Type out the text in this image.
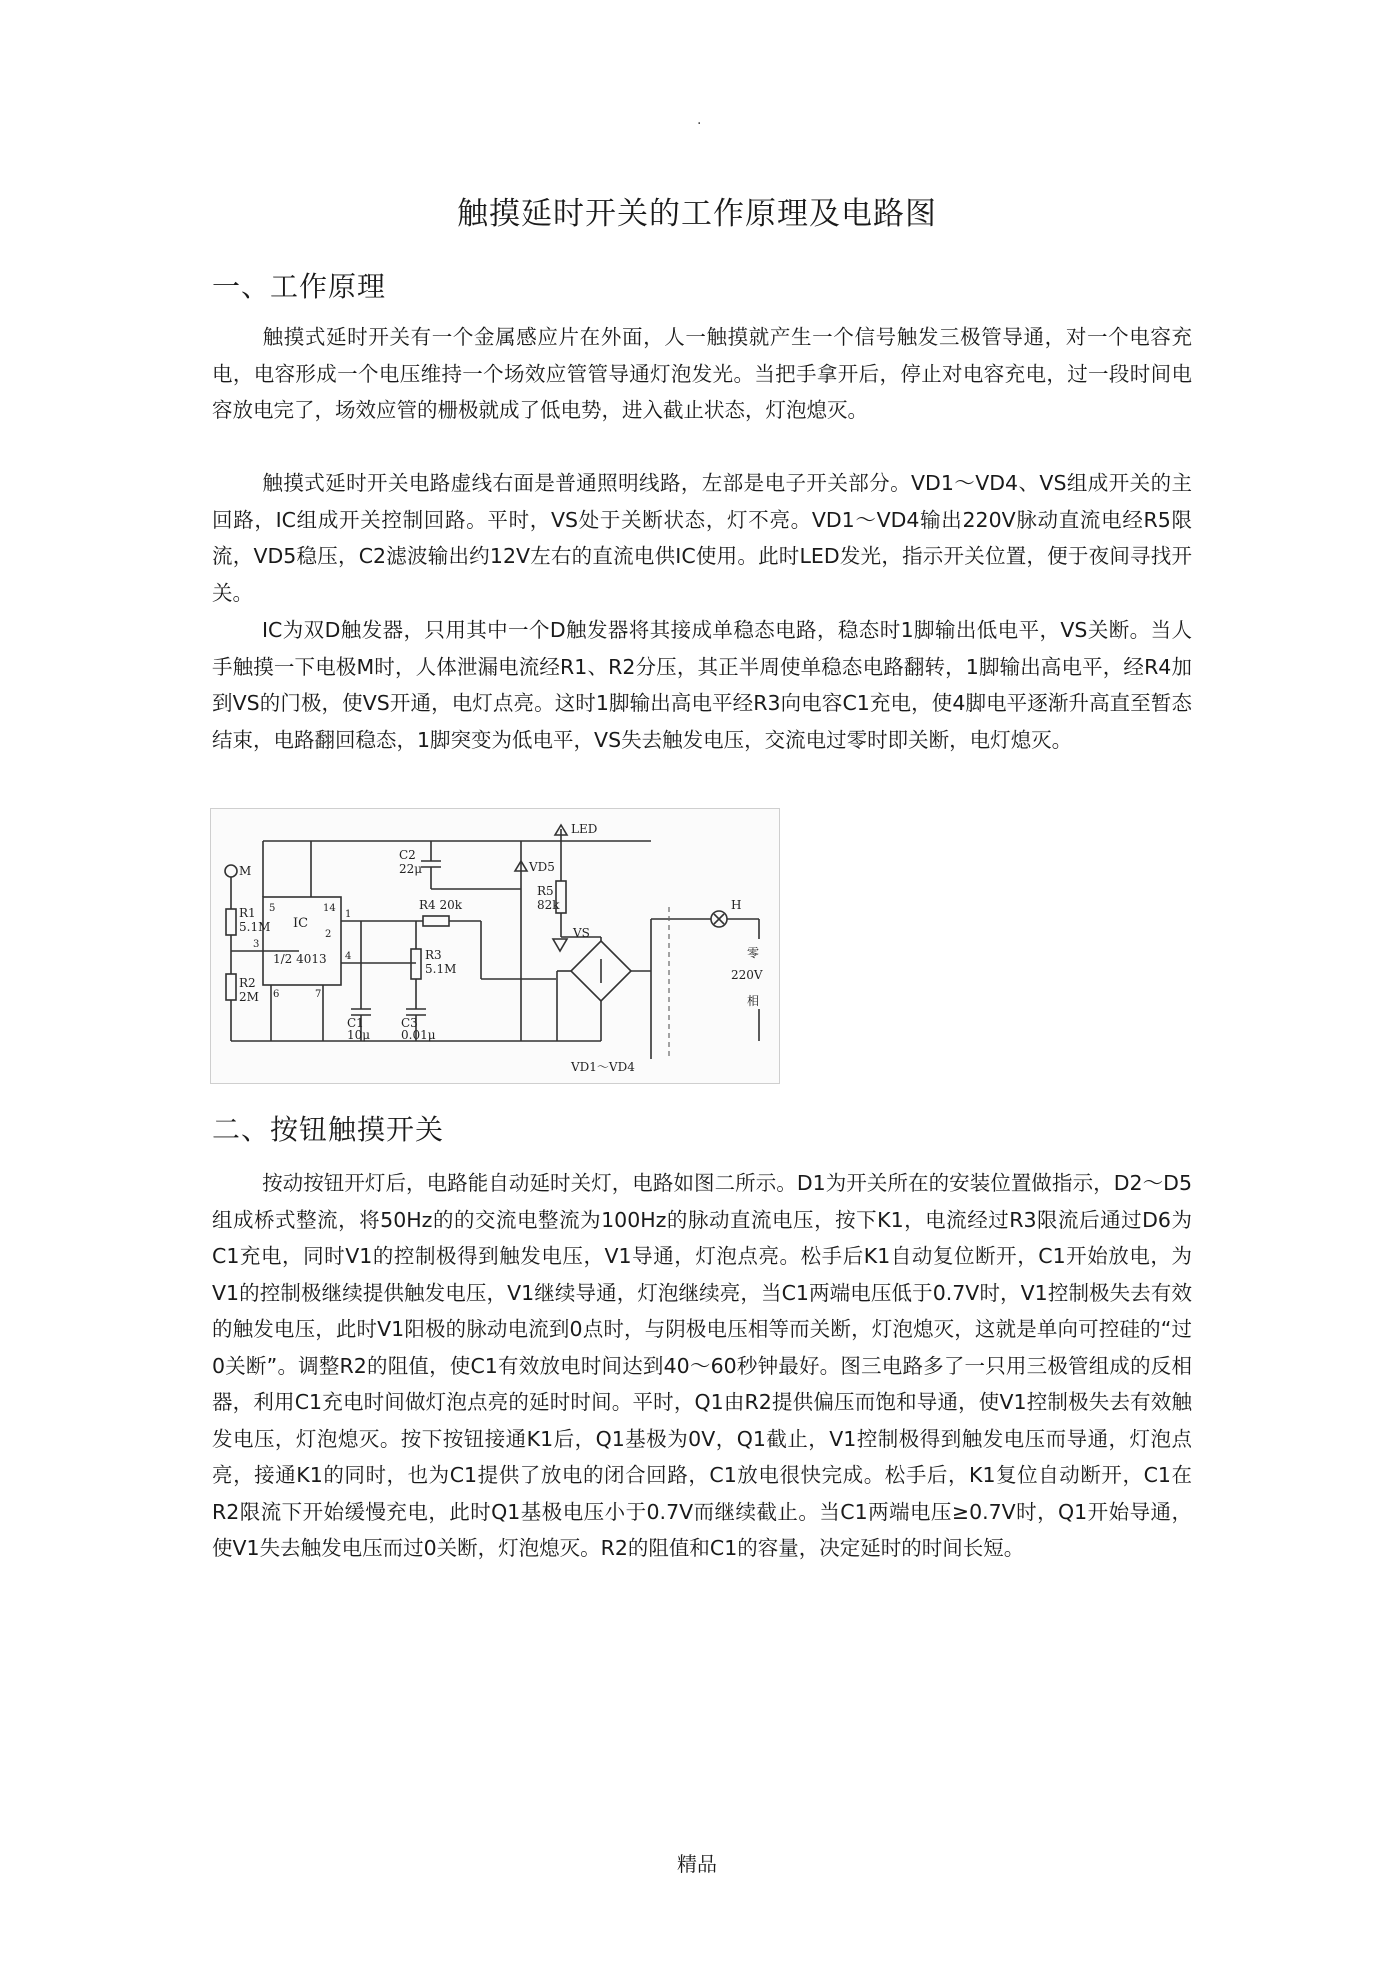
.
触摸延时开关的工作原理及电路图
一、工作原理

触摸式延时开关有一个金属感应片在外面，人一触摸就产生一个信号触发三极管导通，对一个电容充电，电容形成一个电压维持一个场效应管管导通灯泡发光。当把手拿开后，停止对电容充电，过一段时间电容放电完了，场效应管的栅极就成了低电势，进入截止状态，灯泡熄灭。

触摸式延时开关电路虚线右面是普通照明线路，左部是电子开关部分。VD1～VD4、VS组成开关的主回路，IC组成开关控制回路。平时，VS处于关断状态，灯不亮。VD1～VD4输出220V脉动直流电经R5限流，VD5稳压，C2滤波输出约12V左右的直流电供IC使用。此时LED发光，指示开关位置，便于夜间寻找开关。

IC为双D触发器，只用其中一个D触发器将其接成单稳态电路，稳态时1脚输出低电平，VS关断。当人手触摸一下电极M时，人体泄漏电流经R1、R2分压，其正半周使单稳态电路翻转，1脚输出高电平，经R4加到VS的门极，使VS开通，电灯点亮。这时1脚输出高电平经R3向电容C1充电，使4脚电平逐渐升高直至暂态结束，电路翻回稳态，1脚突变为低电平，VS失去触发电压，交流电过零时即关断，电灯熄灭。

M
R1
5.1M
R2
2M
IC
1/2 4013
5	14
1
3
4
6	7
2
C2
22μ	VD5
LED
R5
82k
R4 20k
R3
5.1M
C1
10μ
C3
0.01μ
VS
H
零
220V
相
VD1～VD4
二、按钮触摸开关

按动按钮开灯后，电路能自动延时关灯，电路如图二所示。D1为开关所在的安装位置做指示，D2～D5组成桥式整流，将50Hz的的交流电整流为100Hz的脉动直流电压，按下K1，电流经过R3限流后通过D6为C1充电，同时V1的控制极得到触发电压，V1导通，灯泡点亮。松手后K1自动复位断开，C1开始放电，为V1的控制极继续提供触发电压，V1继续导通，灯泡继续亮，当C1两端电压低于0.7V时，V1控制极失去有效的触发电压，此时V1阳极的脉动电流到0点时，与阴极电压相等而关断，灯泡熄灭，这就是单向可控硅的“过0关断”。调整R2的阻值，使C1有效放电时间达到40～60秒钟最好。图三电路多了一只用三极管组成的反相器，利用C1充电时间做灯泡点亮的延时时间。平时，Q1由R2提供偏压而饱和导通，使V1控制极失去有效触发电压，灯泡熄灭。按下按钮接通K1后，Q1基极为0V，Q1截止，V1控制极得到触发电压而导通，灯泡点亮，接通K1的同时，也为C1提供了放电的闭合回路，C1放电很快完成。松手后，K1复位自动断开，C1在R2限流下开始缓慢充电，此时Q1基极电压小于0.7V而继续截止。当C1两端电压≥0.7V时，Q1开始导通，使V1失去触发电压而过0关断，灯泡熄灭。R2的阻值和C1的容量，决定延时的时间长短。

精品
